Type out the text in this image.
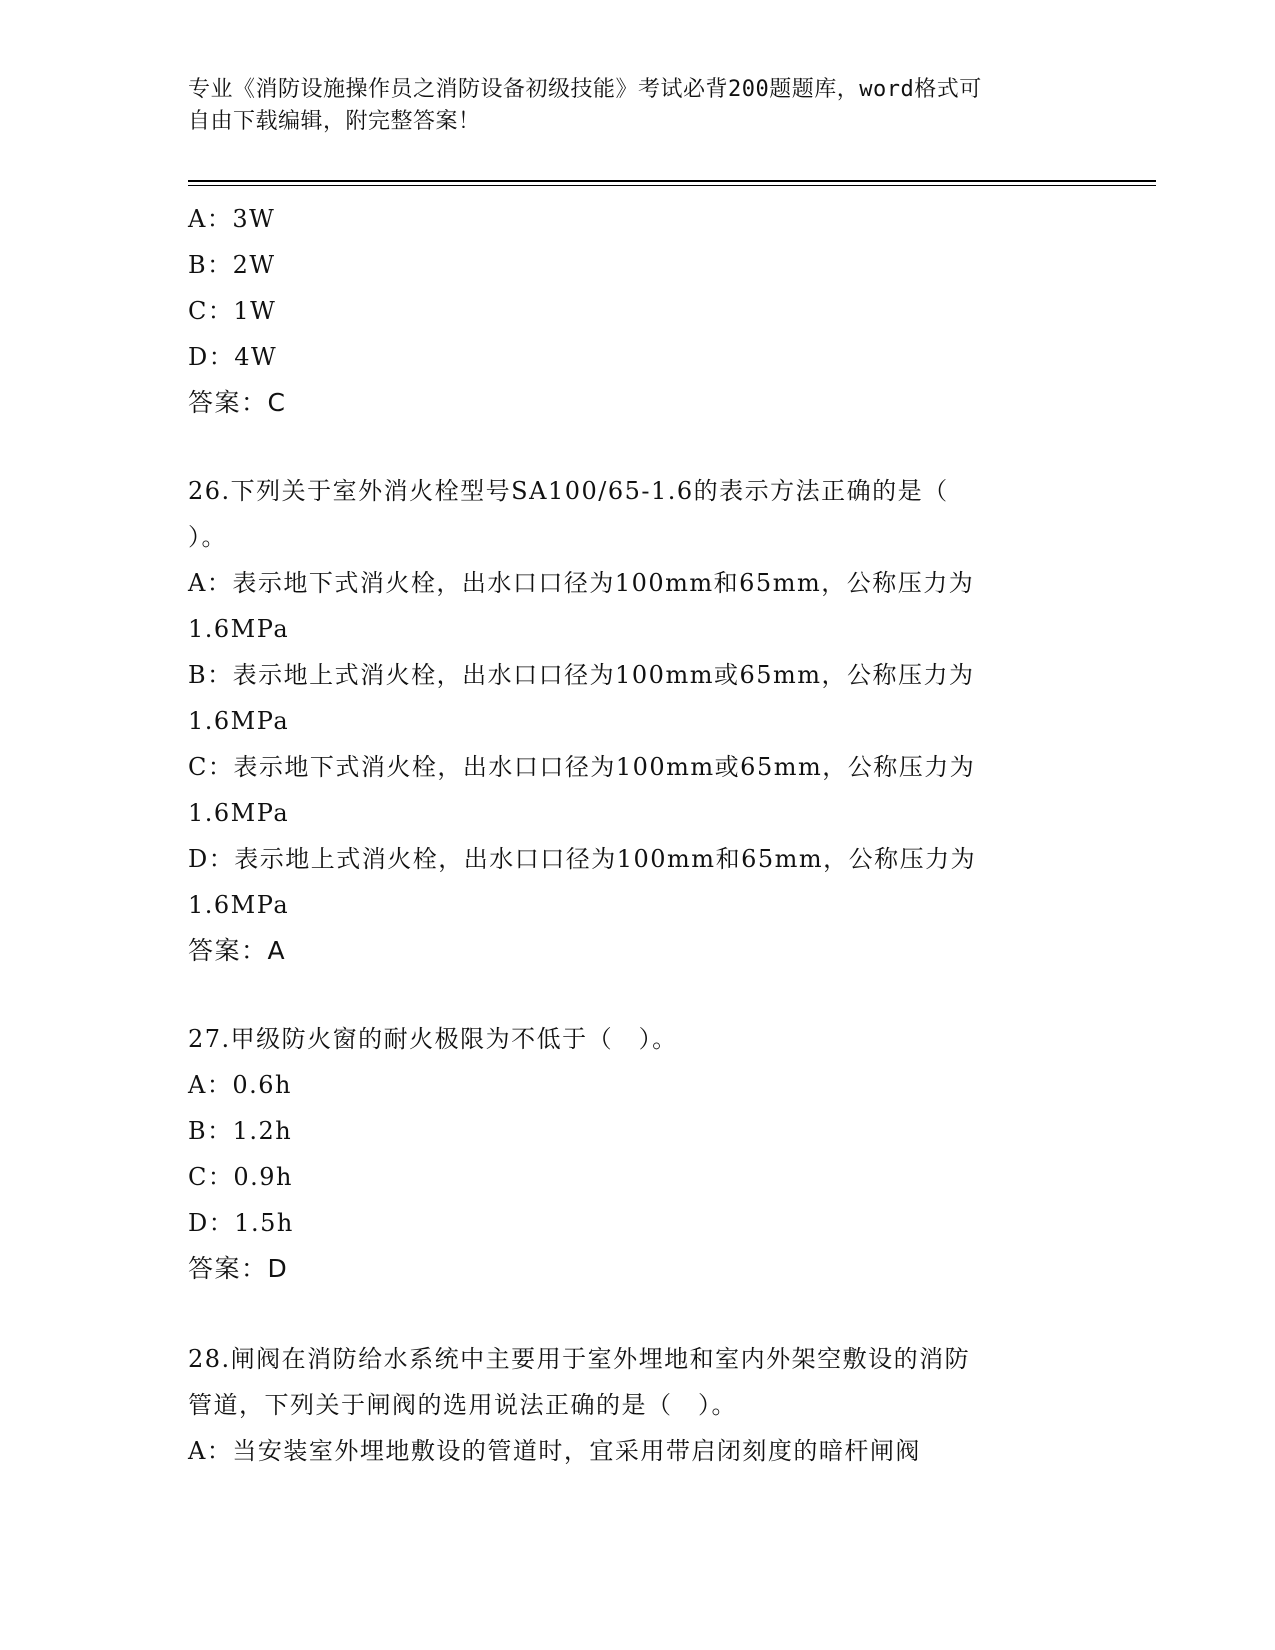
专业《消防设施操作员之消防设备初级技能》考试必背200题题库，word格式可
自由下载编辑，附完整答案！
A：3W
B：2W
C：1W
D：4W
答案：C
26.下列关于室外消火栓型号SA100/65-1.6的表示方法正确的是（
）。
A：表示地下式消火栓，出水口口径为100mm和65mm，公称压力为
1.6MPa
B：表示地上式消火栓，出水口口径为100mm或65mm，公称压力为
1.6MPa
C：表示地下式消火栓，出水口口径为100mm或65mm，公称压力为
1.6MPa
D：表示地上式消火栓，出水口口径为100mm和65mm，公称压力为
1.6MPa
答案：A
27.甲级防火窗的耐火极限为不低于（　）。
A：0.6h
B：1.2h
C：0.9h
D：1.5h
答案：D
28.闸阀在消防给水系统中主要用于室外埋地和室内外架空敷设的消防
管道，下列关于闸阀的选用说法正确的是（　）。
A：当安装室外埋地敷设的管道时，宜采用带启闭刻度的暗杆闸阀
